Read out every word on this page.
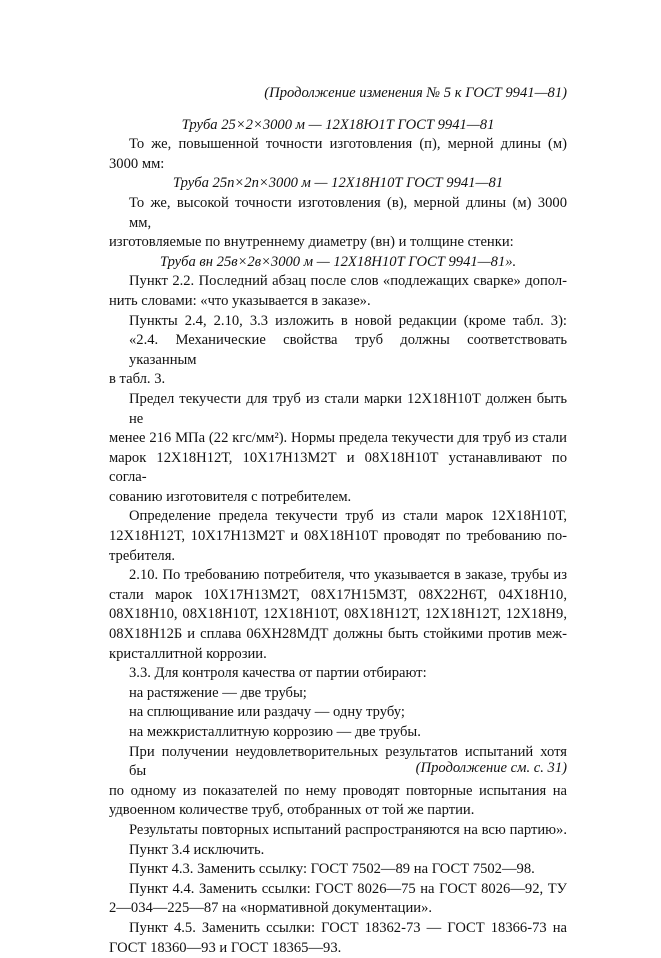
(Продолжение изменения № 5 к ГОСТ 9941—81)

Труба 25×2×3000 м — 12Х18Ю1Т ГОСТ 9941—81

То же, повышенной точности изготовления (п), мерной длины (м)

3000 мм:

Труба 25п×2п×3000 м — 12Х18Н10Т ГОСТ 9941—81

То же, высокой точности изготовления (в), мерной длины (м) 3000 мм,

изготовляемые по внутреннему диаметру (вн) и толщине стенки:

Труба вн 25в×2в×3000 м — 12Х18Н10Т ГОСТ 9941—81».

Пункт 2.2. Последний абзац после слов «подлежащих сварке» допол-

нить словами: «что указывается в заказе».

Пункты 2.4, 2.10, 3.3 изложить в новой редакции (кроме табл. 3):

«2.4. Механические свойства труб должны соответствовать указанным

в табл. 3.

Предел текучести для труб из стали марки 12Х18Н10Т должен быть не

менее 216 МПа (22 кгс/мм²). Нормы предела текучести для труб из стали

марок 12Х18Н12Т, 10Х17Н13М2Т и 08Х18Н10Т устанавливают по согла-

сованию изготовителя с потребителем.

Определение предела текучести труб из стали марок 12Х18Н10Т,

12Х18Н12Т, 10Х17Н13М2Т и 08Х18Н10Т проводят по требованию по-

требителя.

2.10. По требованию потребителя, что указывается в заказе, трубы из

стали марок 10Х17Н13М2Т, 08Х17Н15М3Т, 08Х22Н6Т, 04Х18Н10,

08Х18Н10, 08Х18Н10Т, 12Х18Н10Т, 08Х18Н12Т, 12Х18Н12Т, 12Х18Н9,

08Х18Н12Б и сплава 06ХН28МДТ должны быть стойкими против меж-

кристаллитной коррозии.

3.3. Для контроля качества от партии отбирают:

на растяжение — две трубы;

на сплющивание или раздачу — одну трубу;

на межкристаллитную коррозию — две трубы.

При получении неудовлетворительных результатов испытаний хотя бы

по одному из показателей по нему проводят повторные испытания на

удвоенном количестве труб, отобранных от той же партии.

Результаты повторных испытаний распространяются на всю партию».

Пункт 3.4 исключить.

Пункт 4.3. Заменить ссылку: ГОСТ 7502—89 на ГОСТ 7502—98.

Пункт 4.4. Заменить ссылки: ГОСТ 8026—75 на ГОСТ 8026—92, ТУ

2—034—225—87 на «нормативной документации».

Пункт 4.5. Заменить ссылки: ГОСТ 18362-73 — ГОСТ 18366-73 на

ГОСТ 18360—93 и ГОСТ 18365—93.

(Продолжение см. с. 31)
